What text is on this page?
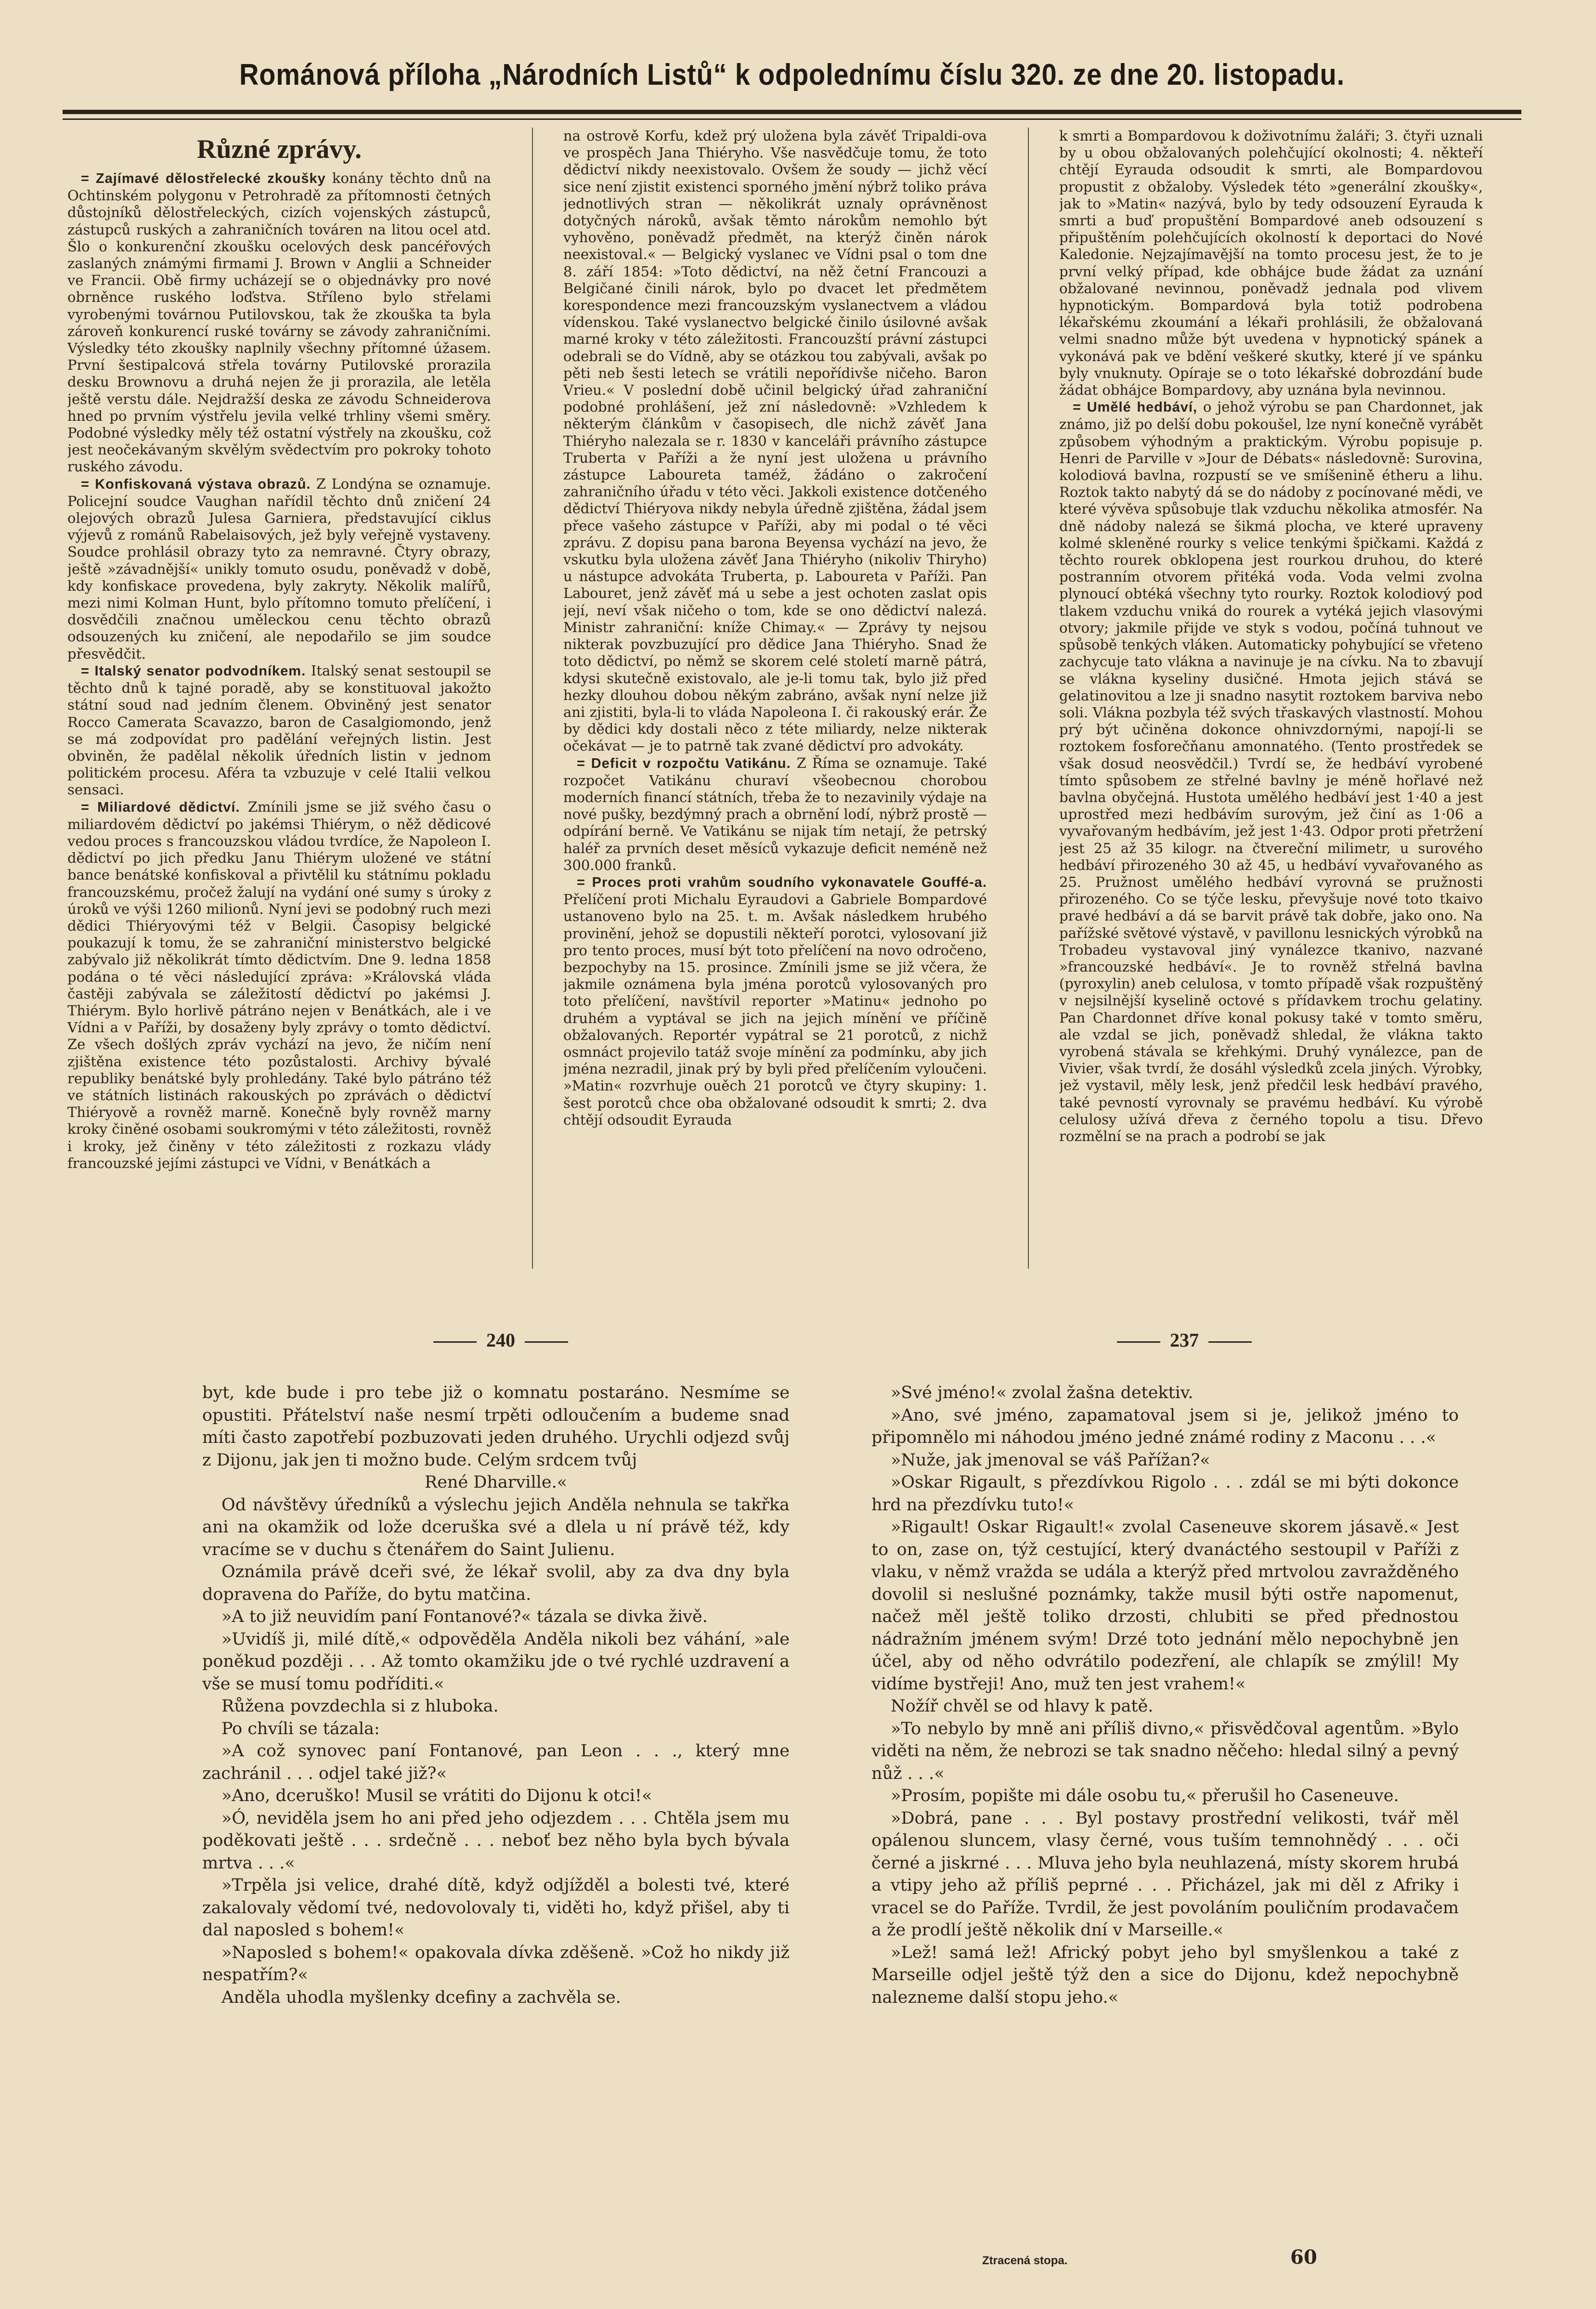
Románová příloha „Národních Listů“ k odpolednímu číslu 320. ze dne 20. listopadu.
Různé zprávy.

= Zajímavé dělostřelecké zkoušky konány těchto dnů na Ochtinském polygonu v Petrohradě za přítomnosti četných důstojníků dělostřeleckých, cizích vojenských zástupců, zástupců ruských a zahraničních továren na litou ocel atd. Šlo o konkurenční zkoušku ocelových desk pancéřových zaslaných známými firmami J. Brown v Anglii a Schneider ve Francii. Obě firmy ucházejí se o objednávky pro nové obrněnce ruského loďstva. Stříleno bylo střelami vyrobenými továrnou Putilovskou, tak že zkouška ta byla zároveň konkurencí ruské továrny se závody zahraničními. Výsledky této zkoušky naplnily všechny přítomné úžasem. První šestipalcová střela továrny Putilovské prorazila desku Brownovu a druhá nejen že ji prorazila, ale letěla ještě verstu dále. Nejdražší deska ze závodu Schneiderova hned po prvním výstřelu jevila velké trhliny všemi směry. Podobné výsledky měly též ostatní výstřely na zkoušku, což jest neočekávaným skvělým svědectvím pro pokroky tohoto ruského závodu.

= Konfiskovaná výstava obrazů. Z Londýna se oznamuje. Policejní soudce Vaughan nařídil těchto dnů zničení 24 olejových obrazů Julesa Garniera, představující ciklus výjevů z románů Rabelaisových, jež byly veřejně vystaveny. Soudce prohlásil obrazy tyto za nemravné. Čtyry obrazy, ještě »závadnější« unikly tomuto osudu, poněvadž v době, kdy konfiskace provedena, byly zakryty. Několik malířů, mezi nimi Kolman Hunt, bylo přítomno tomuto přelíčení, i dosvědčili značnou uměleckou cenu těchto obrazů odsouzených ku zničení, ale nepodařilo se jim soudce přesvědčit.

= Italský senator podvodníkem. Italský senat sestoupil se těchto dnů k tajné poradě, aby se konstituoval jakožto státní soud nad jedním členem. Obviněný jest senator Rocco Camerata Scavazzo, baron de Casalgiomondo, jenž se má zodpovídat pro padělání veřejných listin. Jest obviněn, že padělal několik úředních listin v jednom politickém procesu. Aféra ta vzbuzuje v celé Italii velkou sensaci.

= Miliardové dědictví. Zmínili jsme se již svého času o miliardovém dědictví po jakémsi Thiérym, o něž dědicové vedou proces s francouzskou vládou tvrdíce, že Napoleon I. dědictví po jich předku Janu Thiérym uložené ve státní bance benátské konfiskoval a přivtělil ku státnímu pokladu francouzskému, pročež žalují na vydání oné sumy s úroky z úroků ve výši 1260 milionů. Nyní jevi se podobný ruch mezi dědici Thiéryovými též v Belgii. Časopisy belgické poukazují k tomu, že se zahraniční ministerstvo belgické zabývalo již několikrát tímto dědictvím. Dne 9. ledna 1858 podána o té věci následující zpráva: »Královská vláda častěji zabývala se záležitostí dědictví po jakémsi J. Thiérym. Bylo horlivě pátráno nejen v Benátkách, ale i ve Vídni a v Paříži, by dosaženy byly zprávy o tomto dědictví. Ze všech došlých zpráv vychází na jevo, že ničím není zjištěna existence této pozůstalosti. Archivy bývalé republiky benátské byly prohledány. Také bylo pátráno též ve státních listinách rakouských po zprávách o dědictví Thiéryově a rovněž marně. Konečně byly rovněž marny kroky činěné osobami soukromými v této záležitosti, rovněž i kroky, jež činěny v této záležitosti z rozkazu vlády francouzské jejími zástupci ve Vídni, v Benátkách a

na ostrově Korfu, kdež prý uložena byla závěť Tripaldi-ova ve prospěch Jana Thiéryho. Vše nasvědčuje tomu, že toto dědictví nikdy neexistovalo. Ovšem že soudy — jichž věcí sice není zjistit existenci sporného jmění nýbrž toliko práva jednotlivých stran — několikrát uznaly oprávněnost dotyčných nároků, avšak těmto nárokům nemohlo být vyhověno, poněvadž předmět, na kterýž činěn nárok neexistoval.« — Belgický vyslanec ve Vídni psal o tom dne 8. září 1854: »Toto dědictví, na něž četní Francouzi a Belgičané činili nárok, bylo po dvacet let předmětem korespondence mezi francouzským vyslanectvem a vládou vídenskou. Také vyslanectvo belgické činilo úsilovné avšak marné kroky v této záležitosti. Francouzští právní zástupci odebrali se do Vídně, aby se otázkou tou zabývali, avšak po pěti neb šesti letech se vrátili nepořídivše ničeho. Baron Vrieu.« V poslední době učinil belgický úřad zahraniční podobné prohlášení, jež zní následovně: »Vzhledem k některým článkům v časopisech, dle nichž závěť Jana Thiéryho nalezala se r. 1830 v kanceláři právního zástupce Truberta v Paříži a že nyní jest uložena u právního zástupce Laboureta taméž, žádáno o zakročení zahraničního úřadu v této věci. Jakkoli existence dotčeného dědictví Thiéryova nikdy nebyla úředně zjištěna, žádal jsem přece vašeho zástupce v Paříži, aby mi podal o té věci zprávu. Z dopisu pana barona Beyensa vychází na jevo, že vskutku byla uložena závěť Jana Thiéryho (nikoliv Thiryho) u nástupce advokáta Truberta, p. Laboureta v Paříži. Pan Labouret, jenž závěť má u sebe a jest ochoten zaslat opis její, neví však ničeho o tom, kde se ono dědictví nalezá. Ministr zahraniční: kníže Chimay.« — Zprávy ty nejsou nikterak povzbuzující pro dědice Jana Thiéryho. Snad že toto dědictví, po němž se skorem celé století marně pátrá, kdysi skutečně existovalo, ale je-li tomu tak, bylo již před hezky dlouhou dobou někým zabráno, avšak nyní nelze již ani zjistiti, byla-li to vláda Napoleona I. či rakouský erár. Že by dědici kdy dostali něco z téte miliardy, nelze nikterak očekávat — je to patrně tak zvané dědictví pro advokáty.

= Deficit v rozpočtu Vatikánu. Z Říma se oznamuje. Také rozpočet Vatikánu churaví všeobecnou chorobou moderních financí státních, třeba že to nezavinily výdaje na nové pušky, bezdýmný prach a obrnění lodí, nýbrž prostě — odpírání berně. Ve Vatikánu se nijak tím netají, že petrský haléř za prvních deset měsíců vykazuje deficit neméně než 300.000 franků.

= Proces proti vrahům soudního vykonavatele Gouffé-a. Přelíčení proti Michalu Eyraudovi a Gabriele Bompardové ustanoveno bylo na 25. t. m. Avšak následkem hrubého provinění, jehož se dopustili někteří porotci, vylosovaní již pro tento proces, musí být toto přelíčení na novo odročeno, bezpochyby na 15. prosince. Zmínili jsme se již včera, že jakmile oznámena byla jména porotců vylosovaných pro toto přelíčení, navštívil reporter »Matinu« jednoho po druhém a vyptával se jich na jejich mínění ve příčině obžalovaných. Reportér vypátral se 21 porotců, z nichž osmnáct projevilo tatáž svoje mínění za podmínku, aby jich jména nezradil, jinak prý by byli před přelíčením vyloučeni. »Matin« rozvrhuje ouěch 21 porotců ve čtyry skupiny: 1. šest porotců chce oba obžalované odsoudit k smrti; 2. dva chtějí odsoudit Eyrauda

k smrti a Bompardovou k doživotnímu žaláři; 3. čtyři uznali by u obou obžalovaných polehčující okolnosti; 4. někteří chtějí Eyrauda odsoudit k smrti, ale Bompardovou propustit z obžaloby. Výsledek této »generální zkoušky«, jak to »Matin« nazývá, bylo by tedy odsouzení Eyrauda k smrti a buď propuštění Bompardové aneb odsouzení s připuštěním polehčujících okolností k deportaci do Nové Kaledonie. Nejzajímavější na tomto procesu jest, že to je první velký případ, kde obhájce bude žádat za uznání obžalované nevinnou, poněvadž jednala pod vlivem hypnotickým. Bompardová byla totiž podrobena lékařskému zkoumání a lékaři prohlásili, že obžalovaná velmi snadno může být uvedena v hypnotický spánek a vykonává pak ve bdění veškeré skutky, které jí ve spánku byly vnuknuty. Opíraje se o toto lékařské dobrozdání bude žádat obhájce Bompardovy, aby uznána byla nevinnou.

= Umělé hedbáví, o jehož výrobu se pan Chardonnet, jak známo, již po delší dobu pokoušel, lze nyní konečně vyrábět způsobem výhodným a praktickým. Výrobu popisuje p. Henri de Parville v »Jour de Débats« následovně: Surovina, kolodiová bavlna, rozpustí se ve smíšenině étheru a lihu. Roztok takto nabytý dá se do nádoby z pocínované mědi, ve které vývěva spůsobuje tlak vzduchu několika atmosfér. Na dně nádoby nalezá se šikmá plocha, ve které upraveny kolmé skleněné rourky s velice tenkými špičkami. Každá z těchto rourek obklopena jest rourkou druhou, do které postranním otvorem přitéká voda. Voda velmi zvolna plynoucí obtéká všechny tyto rourky. Roztok kolodiový pod tlakem vzduchu vniká do rourek a vytéká jejich vlasovými otvory; jakmile přijde ve styk s vodou, počíná tuhnout ve spůsobě tenkých vláken. Automaticky pohybující se vřeteno zachycuje tato vlákna a navinuje je na cívku. Na to zbavují se vlákna kyseliny dusičné. Hmota jejich stává se gelatinovitou a lze ji snadno nasytit roztokem barviva nebo soli. Vlákna pozbyla též svých třaskavých vlastností. Mohou prý být učiněna dokonce ohnivzdornými, napojí-li se roztokem fosforečňanu amonnatého. (Tento prostředek se však dosud neosvědčil.) Tvrdí se, že hedbáví vyrobené tímto spůsobem ze střelné bavlny je méně hořlavé než bavlna obyčejná. Hustota umělého hedbáví jest 1·40 a jest uprostřed mezi hedbávím surovým, jež činí as 1·06 a vyvařovaným hedbávím, jež jest 1·43. Odpor proti přetržení jest 25 až 35 kilogr. na čtvereční milimetr, u surového hedbáví přirozeného 30 až 45, u hedbáví vyvařovaného as 25. Pružnost umělého hedbáví vyrovná se pružnosti přirozeného. Co se týče lesku, převyšuje nové toto tkaivo pravé hedbáví a dá se barvit právě tak dobře, jako ono. Na pařížské světové výstavě, v pavillonu lesnických výrobků na Trobadeu vystavoval jiný vynálezce tkanivo, nazvané »francouzské hedbáví«. Je to rovněž střelná bavlna (pyroxylin) aneb celulosa, v tomto případě však rozpuštěný v nejsilnější kyselině octové s přídavkem trochu gelatiny. Pan Chardonnet dříve konal pokusy také v tomto směru, ale vzdal se jich, poněvadž shledal, že vlákna takto vyrobená stávala se křehkými. Druhý vynálezce, pan de Vivier, však tvrdí, že dosáhl výsledků zcela jiných. Výrobky, jež vystavil, měly lesk, jenž předčil lesk hedbáví pravého, také pevností vyrovnaly se pravému hedbáví. Ku výrobě celulosy užívá dřeva z černého topolu a tisu. Dřevo rozmělní se na prach a podrobí se jak

240	237

byt, kde bude i pro tebe již o komnatu postaráno. Nesmíme se opustiti. Přátelství naše nesmí trpěti odloučením a budeme snad míti často zapotřebí pozbuzovati jeden druhého. Urychli odjezd svůj z Dijonu, jak jen ti možno bude. Celým srdcem tvůj

René Dharville.«

Od návštěvy úředníků a výslechu jejich Anděla nehnula se takřka ani na okamžik od lože dceruška své a dlela u ní právě též, kdy vracíme se v duchu s čtenářem do Saint Julienu.

Oznámila právě dceři své, že lékař svolil, aby za dva dny byla dopravena do Paříže, do bytu matčina.

»A to již neuvidím paní Fontanové?« tázala se divka živě.

»Uvidíš ji, milé dítě,« odpověděla Anděla nikoli bez váhání, »ale poněkud později . . . Až tomto okamžiku jde o tvé rychlé uzdravení a vše se musí tomu podříditi.«

Růžena povzdechla si z hluboka.

Po chvíli se tázala:

»A což synovec paní Fontanové, pan Leon . . ., který mne zachránil . . . odjel také již?«

»Ano, dceruško! Musil se vrátiti do Dijonu k otci!«

»Ó, neviděla jsem ho ani před jeho odjezdem . . . Chtěla jsem mu poděkovati ještě . . . srdečně . . . neboť bez něho byla bych bývala mrtva . . .«

»Trpěla jsi velice, drahé dítě, když odjížděl a bolesti tvé, které zakalovaly vědomí tvé, nedovolovaly ti, viděti ho, když přišel, aby ti dal naposled s bohem!«

»Naposled s bohem!« opakovala dívka zděšeně. »Což ho nikdy již nespatřím?«

Anděla uhodla myšlenky dcefiny a zachvěla se.

»Své jméno!« zvolal žašna detektiv.

»Ano, své jméno, zapamatoval jsem si je, jelikož jméno to připomnělo mi náhodou jméno jedné známé rodiny z Maconu . . .«

»Nuže, jak jmenoval se váš Pařížan?«

»Oskar Rigault, s přezdívkou Rigolo . . . zdál se mi býti dokonce hrd na přezdívku tuto!«

»Rigault! Oskar Rigault!« zvolal Caseneuve skorem jásavě.« Jest to on, zase on, týž cestující, který dvanáctého sestoupil v Paříži z vlaku, v němž vražda se udála a kterýž před mrtvolou zavražděného dovolil si neslušné poznámky, takže musil býti ostře napomenut, načež měl ještě toliko drzosti, chlubiti se před přednostou nádražním jménem svým! Drzé toto jednání mělo nepochybně jen účel, aby od něho odvrátilo podezření, ale chlapík se zmýlil! My vidíme bystřeji! Ano, muž ten jest vrahem!«

Nožíř chvěl se od hlavy k patě.

»To nebylo by mně ani příliš divno,« přisvědčoval agentům. »Bylo viděti na něm, že nebrozi se tak snadno něčeho: hledal silný a pevný nůž . . .«

»Prosím, popište mi dále osobu tu,« přerušil ho Caseneuve.

»Dobrá, pane . . . Byl postavy prostřední velikosti, tvář měl opálenou sluncem, vlasy černé, vous tuším temnohnědý . . . oči černé a jiskrné . . . Mluva jeho byla neuhlazená, místy skorem hrubá a vtipy jeho až příliš peprné . . . Přicházel, jak mi děl z Afriky i vracel se do Paříže. Tvrdil, že jest povoláním pouličním prodavačem a že prodlí ještě několik dní v Marseille.«

»Lež! samá lež! Africký pobyt jeho byl smyšlenkou a také z Marseille odjel ještě týž den a sice do Dijonu, kdež nepochybně nalezneme další stopu jeho.«

Ztracená stopa.	60
